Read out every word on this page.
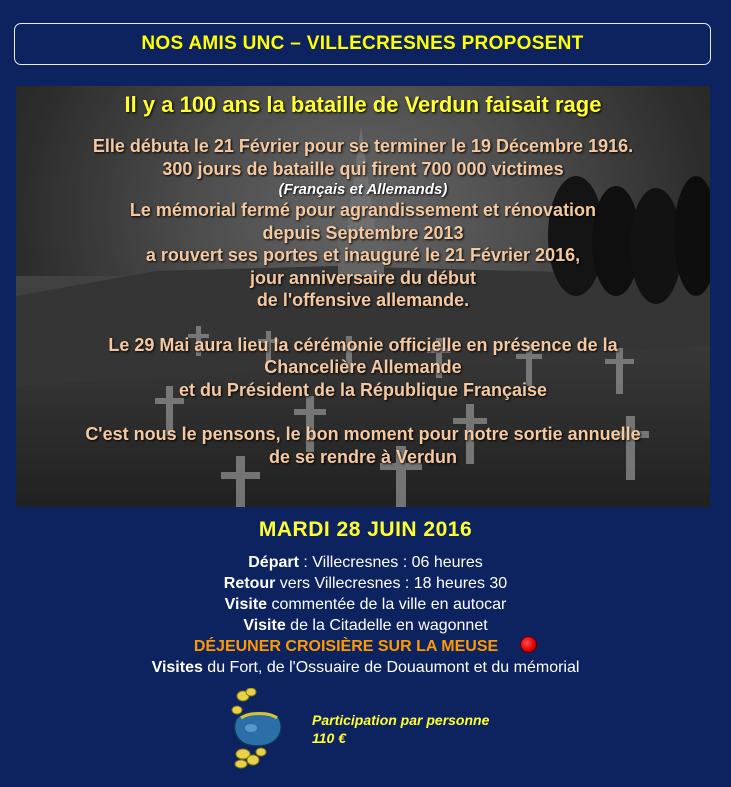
NOS AMIS UNC – VILLECRESNES PROPOSENT
Il y a 100 ans la bataille de Verdun faisait rage
Elle débuta le 21 Février pour se terminer le 19 Décembre 1916.
300 jours de bataille qui firent 700 000 victimes
(Français et Allemands)
Le mémorial fermé pour agrandissement et rénovation
depuis Septembre 2013
a rouvert ses portes et inauguré le 21 Février 2016,
jour anniversaire du début
de l'offensive allemande.
Le 29 Mai aura lieu la cérémonie officielle en présence de la
Chancelière Allemande
et du Président de la République Française
C'est nous le pensons, le bon moment pour notre sortie annuelle
de se rendre à Verdun
MARDI 28 JUIN 2016
Départ : Villecresnes : 06 heures
Retour vers Villecresnes : 18 heures 30
Visite commentée de la ville en autocar
Visite de la Citadelle en wagonnet
DÉJEUNER CROISIÈRE SUR LA MEUSE
Visites du Fort, de l'Ossuaire de Douaumont et du mémorial
Participation par personne
110 €
